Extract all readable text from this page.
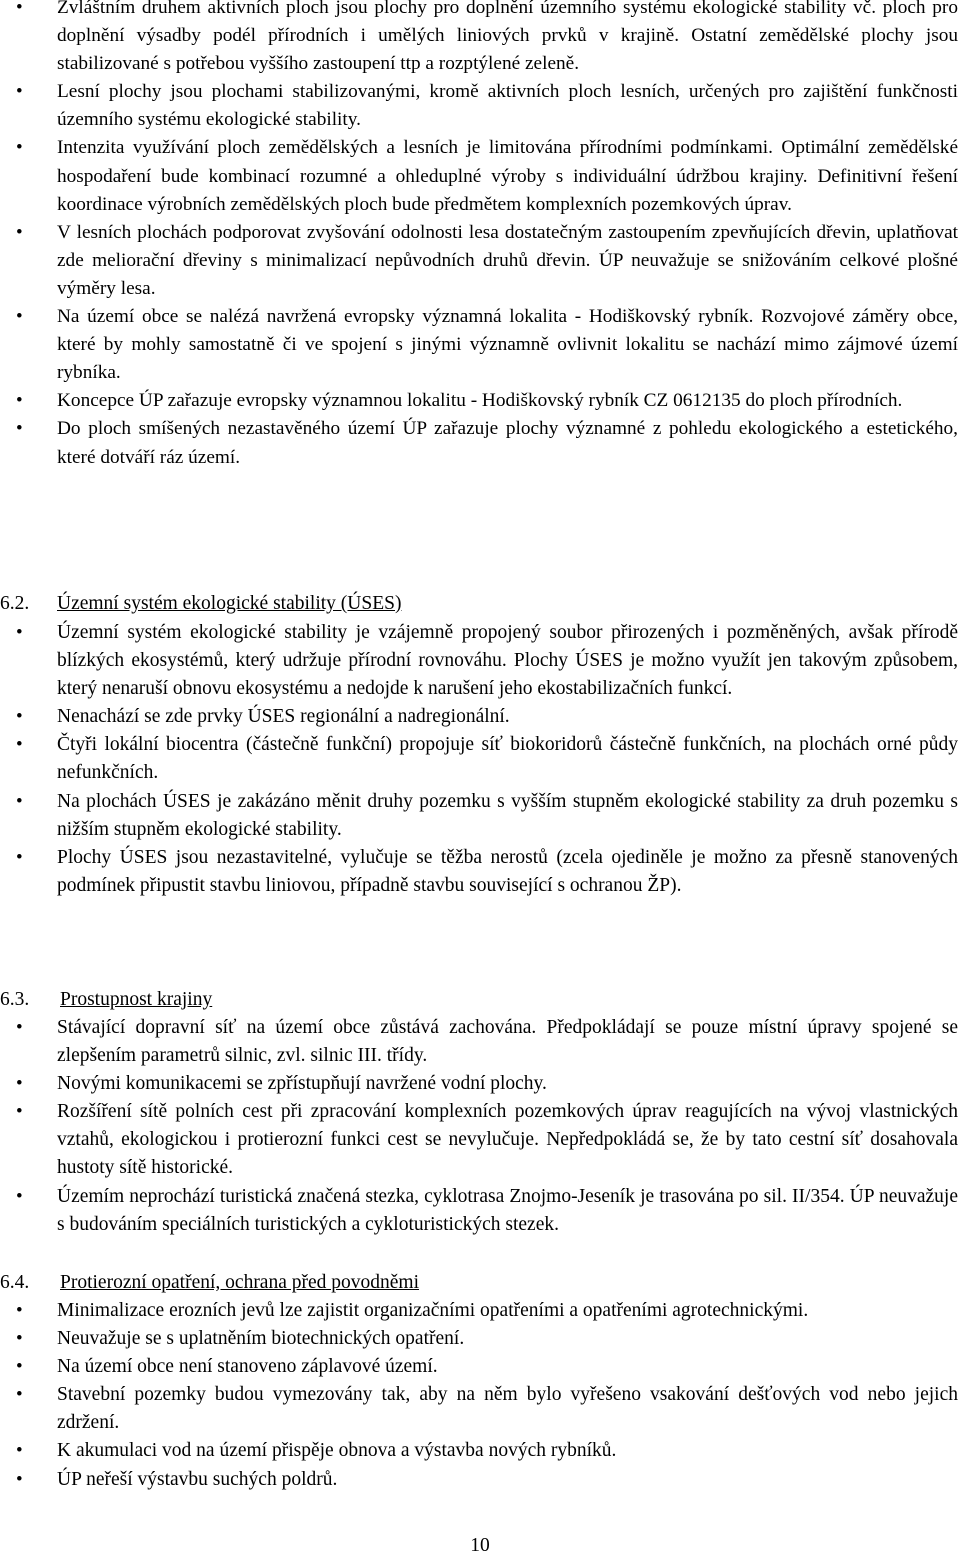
• Zvláštním druhem aktivních ploch jsou plochy pro doplnění územního systému ekologické stability vč. ploch pro doplnění výsadby podél přírodních i umělých liniových prvků v krajině. Ostatní zemědělské plochy jsou stabilizované s potřebou vyššího zastoupení ttp a rozptýlené zeleně.
• Lesní plochy jsou plochami stabilizovanými, kromě aktivních ploch lesních, určených pro zajištění funkčnosti územního systému ekologické stability.
• Intenzita využívání ploch zemědělských a lesních je limitována přírodními podmínkami. Optimální zemědělské hospodaření bude kombinací rozumné a ohleduplné výroby s individuální údržbou krajiny. Definitivní řešení koordinace výrobních zemědělských ploch bude předmětem komplexních pozemkových úprav.
• V lesních plochách podporovat zvyšování odolnosti lesa dostatečným zastoupením zpevňujících dřevin, uplatňovat zde meliorační dřeviny s minimalizací nepůvodních druhů dřevin. ÚP neuvažuje se snižováním celkové plošné výměry lesa.
• Na území obce se nalézá navržená evropsky významná lokalita - Hodiškovský rybník. Rozvojové záměry obce, které by mohly samostatně či ve spojení s jinými významně ovlivnit lokalitu se nachází mimo zájmové území rybníka.
• Koncepce ÚP zařazuje evropsky významnou lokalitu - Hodiškovský rybník CZ 0612135 do ploch přírodních.
• Do ploch smíšených nezastavěného území ÚP zařazuje plochy významné z pohledu ekologického a estetického, které dotváří ráz území.
6.2. Územní systém ekologické stability (ÚSES)
• Územní systém ekologické stability je vzájemně propojený soubor přirozených i pozměněných, avšak přírodě blízkých ekosystémů, který udržuje přírodní rovnováhu. Plochy ÚSES je možno využít jen takovým způsobem, který nenaruší obnovu ekosystému a nedojde k narušení jeho ekostabilizačních funkcí.
• Nenachází se zde prvky ÚSES regionální a nadregionální.
• Čtyři lokální biocentra (částečně funkční) propojuje síť biokoridorů částečně funkčních, na plochách orné půdy nefunkčních.
• Na plochách ÚSES je zakázáno měnit druhy pozemku s vyšším stupněm ekologické stability za druh pozemku s nižším stupněm ekologické stability.
• Plochy ÚSES jsou nezastavitelné, vylučuje se těžba nerostů (zcela ojediněle je možno za přesně stanovených podmínek připustit stavbu liniovou, případně stavbu související s ochranou ŽP).
6.3. Prostupnost krajiny
• Stávající dopravní síť na území obce zůstává zachována. Předpokládají se pouze místní úpravy spojené se zlepšením parametrů silnic, zvl. silnic III. třídy.
• Novými komunikacemi se zpřístupňují navržené vodní plochy.
• Rozšíření sítě polních cest při zpracování komplexních pozemkových úprav reagujících na vývoj vlastnických vztahů, ekologickou i protierozní funkci cest se nevylučuje. Nepředpokládá se, že by tato cestní síť dosahovala hustoty sítě historické.
• Územím neprochází turistická značená stezka, cyklotrasa Znojmo-Jeseník je trasována po sil. II/354. ÚP neuvažuje s budováním speciálních turistických a cykloturistických stezek.
6.4. Protierozní opatření, ochrana před povodněmi
• Minimalizace erozních jevů lze zajistit organizačními opatřeními a opatřeními agrotechnickými.
• Neuvažuje se s uplatněním biotechnických opatření.
• Na území obce není stanoveno záplavové území.
• Stavební pozemky budou vymezovány tak, aby na něm bylo vyřešeno vsakování dešťových vod nebo jejich zdržení.
• K akumulaci vod na území přispěje obnova a výstavba nových rybníků.
• ÚP neřeší výstavbu suchých poldrů.
10
